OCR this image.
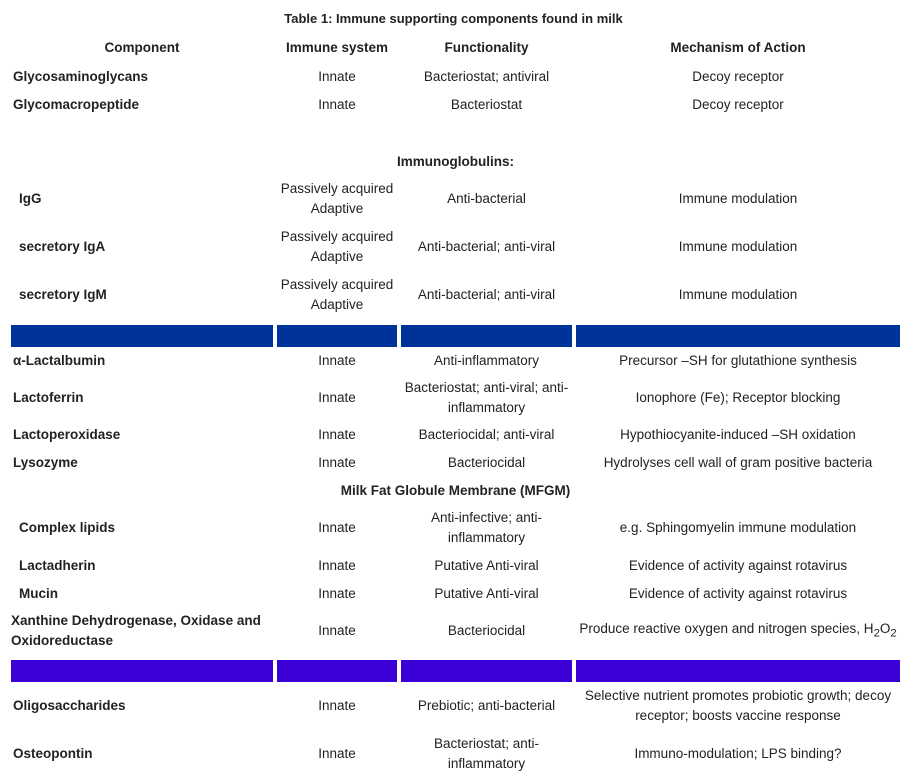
Table 1: Immune supporting components found in milk
Component	Immune system	Functionality	Mechanism of Action
Glycosaminoglycans	Innate	Bacteriostat; antiviral	Decoy receptor
Glycomacropeptide	Innate	Bacteriostat	Decoy receptor

Immunoglobulins:			
IgG	Passively acquired Adaptive	Anti-bacterial	Immune modulation
secretory IgA	Passively acquired Adaptive	Anti-bacterial; anti-viral	Immune modulation
secretory IgM	Passively acquired Adaptive	Anti-bacterial; anti-viral	Immune modulation

α-Lactalbumin	Innate	Anti-inflammatory	Precursor –SH for glutathione synthesis
Lactoferrin	Innate	Bacteriostat; anti-viral; anti-inflammatory	Ionophore (Fe); Receptor blocking
Lactoperoxidase	Innate	Bacteriocidal; anti-viral	Hypothiocyanite-induced –SH oxidation
Lysozyme	Innate	Bacteriocidal	Hydrolyses cell wall of gram positive bacteria
Milk Fat Globule Membrane (MFGM)			
Complex lipids	Innate	Anti-infective; anti-inflammatory	e.g. Sphingomyelin immune modulation
Lactadherin	Innate	Putative Anti-viral	Evidence of activity against rotavirus
Mucin	Innate	Putative Anti-viral	Evidence of activity against rotavirus
Xanthine Dehydrogenase, Oxidase and Oxidoreductase	Innate	Bacteriocidal	Produce reactive oxygen and nitrogen species, $H_2O_2$

Oligosaccharides	Innate	Prebiotic; anti-bacterial	Selective nutrient promotes probiotic growth; decoy receptor; boosts vaccine response
Osteopontin	Innate	Bacteriostat; anti-inflammatory	Immuno-modulation; LPS binding?
